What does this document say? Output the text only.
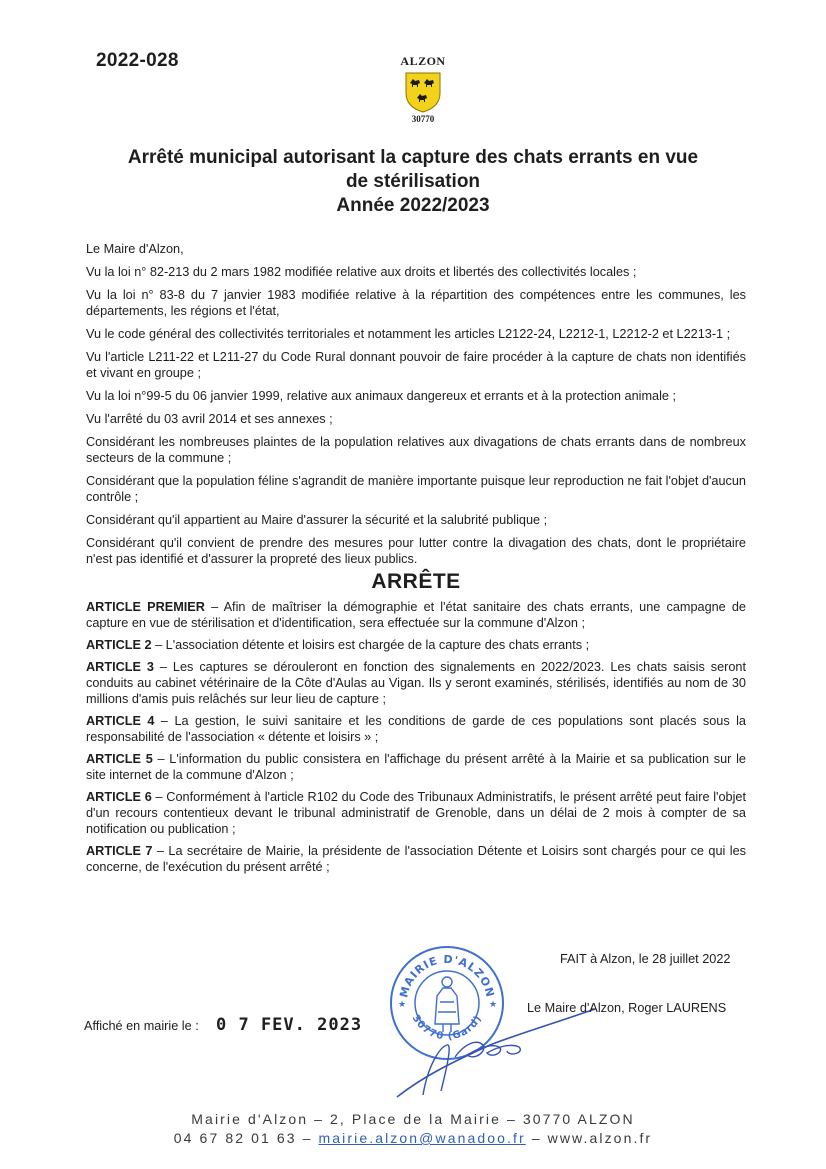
2022-028	ALZON
30770
Arrêté municipal autorisant la capture des chats errants en vue
de stérilisation
Année 2022/2023

Le Maire d'Alzon,

Vu la loi n° 82-213 du 2 mars 1982 modifiée relative aux droits et libertés des collectivités locales ;

Vu la loi n° 83-8 du 7 janvier 1983 modifiée relative à la répartition des compétences entre les communes, les départements, les régions et l'état,

Vu le code général des collectivités territoriales et notamment les articles L2122-24, L2212-1, L2212-2 et L2213-1 ;

Vu l'article L211-22 et L211-27 du Code Rural donnant pouvoir de faire procéder à la capture de chats non identifiés et vivant en groupe ;

Vu la loi n°99-5 du 06 janvier 1999, relative aux animaux dangereux et errants et à la protection animale ;

Vu l'arrêté du 03 avril 2014 et ses annexes ;

Considérant les nombreuses plaintes de la population relatives aux divagations de chats errants dans de nombreux secteurs de la commune ;

Considérant que la population féline s'agrandit de manière importante puisque leur reproduction ne fait l'objet d'aucun contrôle ;

Considérant qu'il appartient au Maire d'assurer la sécurité et la salubrité publique ;

Considérant qu'il convient de prendre des mesures pour lutter contre la divagation des chats, dont le propriétaire n'est pas identifié et d'assurer la propreté des lieux publics.

ARRÊTE

ARTICLE PREMIER – Afin de maîtriser la démographie et l'état sanitaire des chats errants, une campagne de capture en vue de stérilisation et d'identification, sera effectuée sur la commune d'Alzon ;

ARTICLE 2 – L'association détente et loisirs est chargée de la capture des chats errants ;

ARTICLE 3 – Les captures se dérouleront en fonction des signalements en 2022/2023. Les chats saisis seront conduits au cabinet vétérinaire de la Côte d'Aulas au Vigan. Ils y seront examinés, stérilisés, identifiés au nom de 30 millions d'amis puis relâchés sur leur lieu de capture ;

ARTICLE 4 – La gestion, le suivi sanitaire et les conditions de garde de ces populations sont placés sous la responsabilité de l'association « détente et loisirs » ;

ARTICLE 5 – L'information du public consistera en l'affichage du présent arrêté à la Mairie et sa publication sur le site internet de la commune d'Alzon ;

ARTICLE 6 – Conformément à l'article R102 du Code des Tribunaux Administratifs, le présent arrêté peut faire l'objet d'un recours contentieux devant le tribunal administratif de Grenoble, dans un délai de 2 mois à compter de sa notification ou publication ;

ARTICLE 7 – La secrétaire de Mairie, la présidente de l'association Détente et Loisirs sont chargés pour ce qui les concerne, de l'exécution du présent arrêté ;

MAIRIE D'ALZON
30770 (Gard)
★	★
FAIT à Alzon, le 28 juillet 2022
Le Maire d'Alzon, Roger LAURENS
Affiché en mairie le : 0 7 FEV. 2023
Mairie d'Alzon – 2, Place de la Mairie – 30770 ALZON
04 67 82 01 63 – mairie.alzon@wanadoo.fr – www.alzon.fr
